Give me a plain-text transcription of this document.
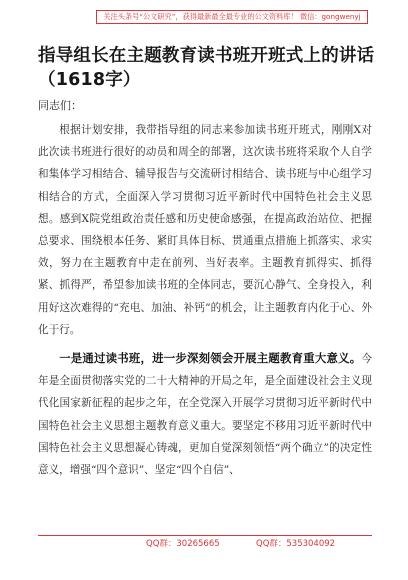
关注头条号“公文研究”，获得最新最全最专业的公文资料库！ 微信：gongwenyj
指导组长在主题教育读书班开班式上的讲话（1618字）
同志们：

根据计划安排，我带指导组的同志来参加读书班开班式，刚刚X对此次读书班进行很好的动员和周全的部署，这次读书班将采取个人自学和集体学习相结合、辅导报告与交流研讨相结合、读书班与中心组学习相结合的方式，全面深入学习贯彻习近平新时代中国特色社会主义思想。感到X院党组政治责任感和历史使命感强，在提高政治站位、把握总要求、围绕根本任务、紧盯具体目标、贯通重点措施上抓落实、求实效，努力在主题教育中走在前列、当好表率。主题教育抓得实、抓得紧、抓得严，希望参加读书班的全体同志，要沉心静气、全身投入，利用好这次难得的“充电、加油、补钙”的机会，让主题教育内化于心、外化于行。

一是通过读书班，进一步深刻领会开展主题教育重大意义。今年是全面贯彻落实党的二十大精神的开局之年，是全面建设社会主义现代化国家新征程的起步之年，在全党深入开展学习贯彻习近平新时代中国特色社会主义思想主题教育意义重大。要坚定不移用习近平新时代中国特色社会主义思想凝心铸魂，更加自觉深刻领悟“两个确立”的决定性意义，增强“四个意识”、坚定“四个自信”、

QQ群：30265665	QQ群：535304092
